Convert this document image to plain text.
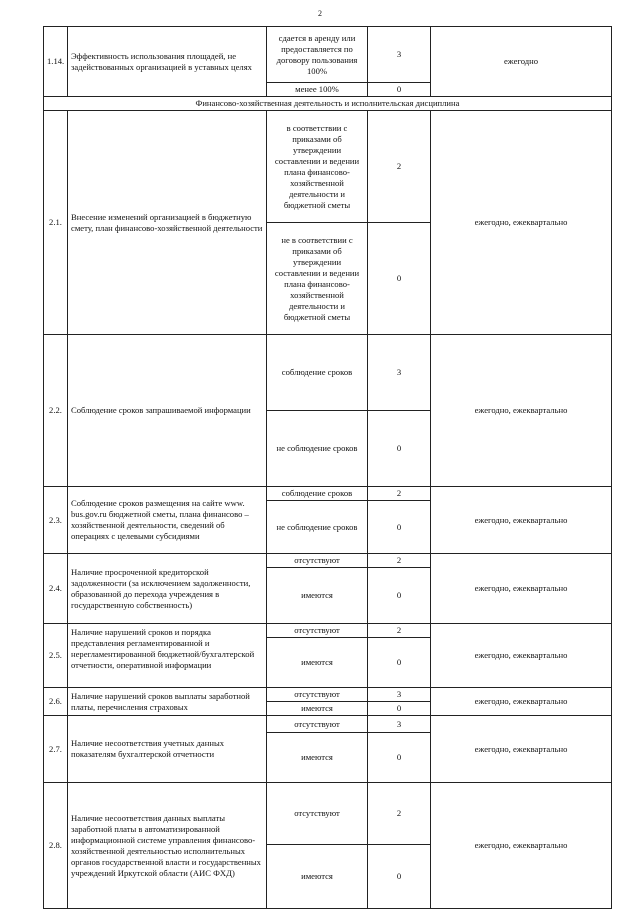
2
1.14.	Эффективность использования площадей, не задействованных организацией в уставных целях	сдается в аренду или предоставляется по договору пользования 100%	3	ежегодно
		менее 100%	0	
Финансово-хозяйственная деятельность и исполнительская дисциплина				
2.1.	Внесение изменений организацией в бюджетную смету, план финансово-хозяйственной деятельности	в соответствии с приказами об утверждении составлении и ведении плана финансово-хозяйственной деятельности и бюджетной сметы	2	ежегодно, ежеквартально
		не в соответствии с приказами об утверждении составлении и ведении плана финансово-хозяйственной деятельности и бюджетной сметы	0	
2.2.	Соблюдение сроков запрашиваемой информации	соблюдение сроков	3	ежегодно, ежеквартально
		не соблюдение сроков	0	
2.3.	Соблюдение сроков размещения на сайте www. bus.gov.ru бюджетной сметы, плана финансово – хозяйственной деятельности, сведений об операциях с целевыми субсидиями	соблюдение сроков	2	ежегодно, ежеквартально
		не соблюдение сроков	0	
2.4.	Наличие просроченной кредиторской задолженности (за исключением задолженности, образованной до перехода учреждения в государственную собственность)	отсутствуют	2	ежегодно, ежеквартально
		имеются	0	
2.5.	Наличие нарушений сроков и порядка представления регламентированной и нерегламентированной бюджетной/бухгалтерской отчетности, оперативной информации	отсутствуют	2	ежегодно, ежеквартально
		имеются	0	
2.6.	Наличие нарушений сроков выплаты заработной платы, перечисления страховых	отсутствуют	3	ежегодно, ежеквартально
		имеются	0	
2.7.	Наличие несоответствия учетных данных показателям бухгалтерской отчетности	отсутствуют	3	ежегодно, ежеквартально
		имеются	0	
2.8.	Наличие несоответствия данных выплаты заработной платы в автоматизированной информационной системе управления финансово-хозяйственной деятельностью исполнительных органов государственной власти и государственных учреждений Иркутской области (АИС ФХД)	отсутствуют	2	ежегодно, ежеквартально
		имеются	0	
